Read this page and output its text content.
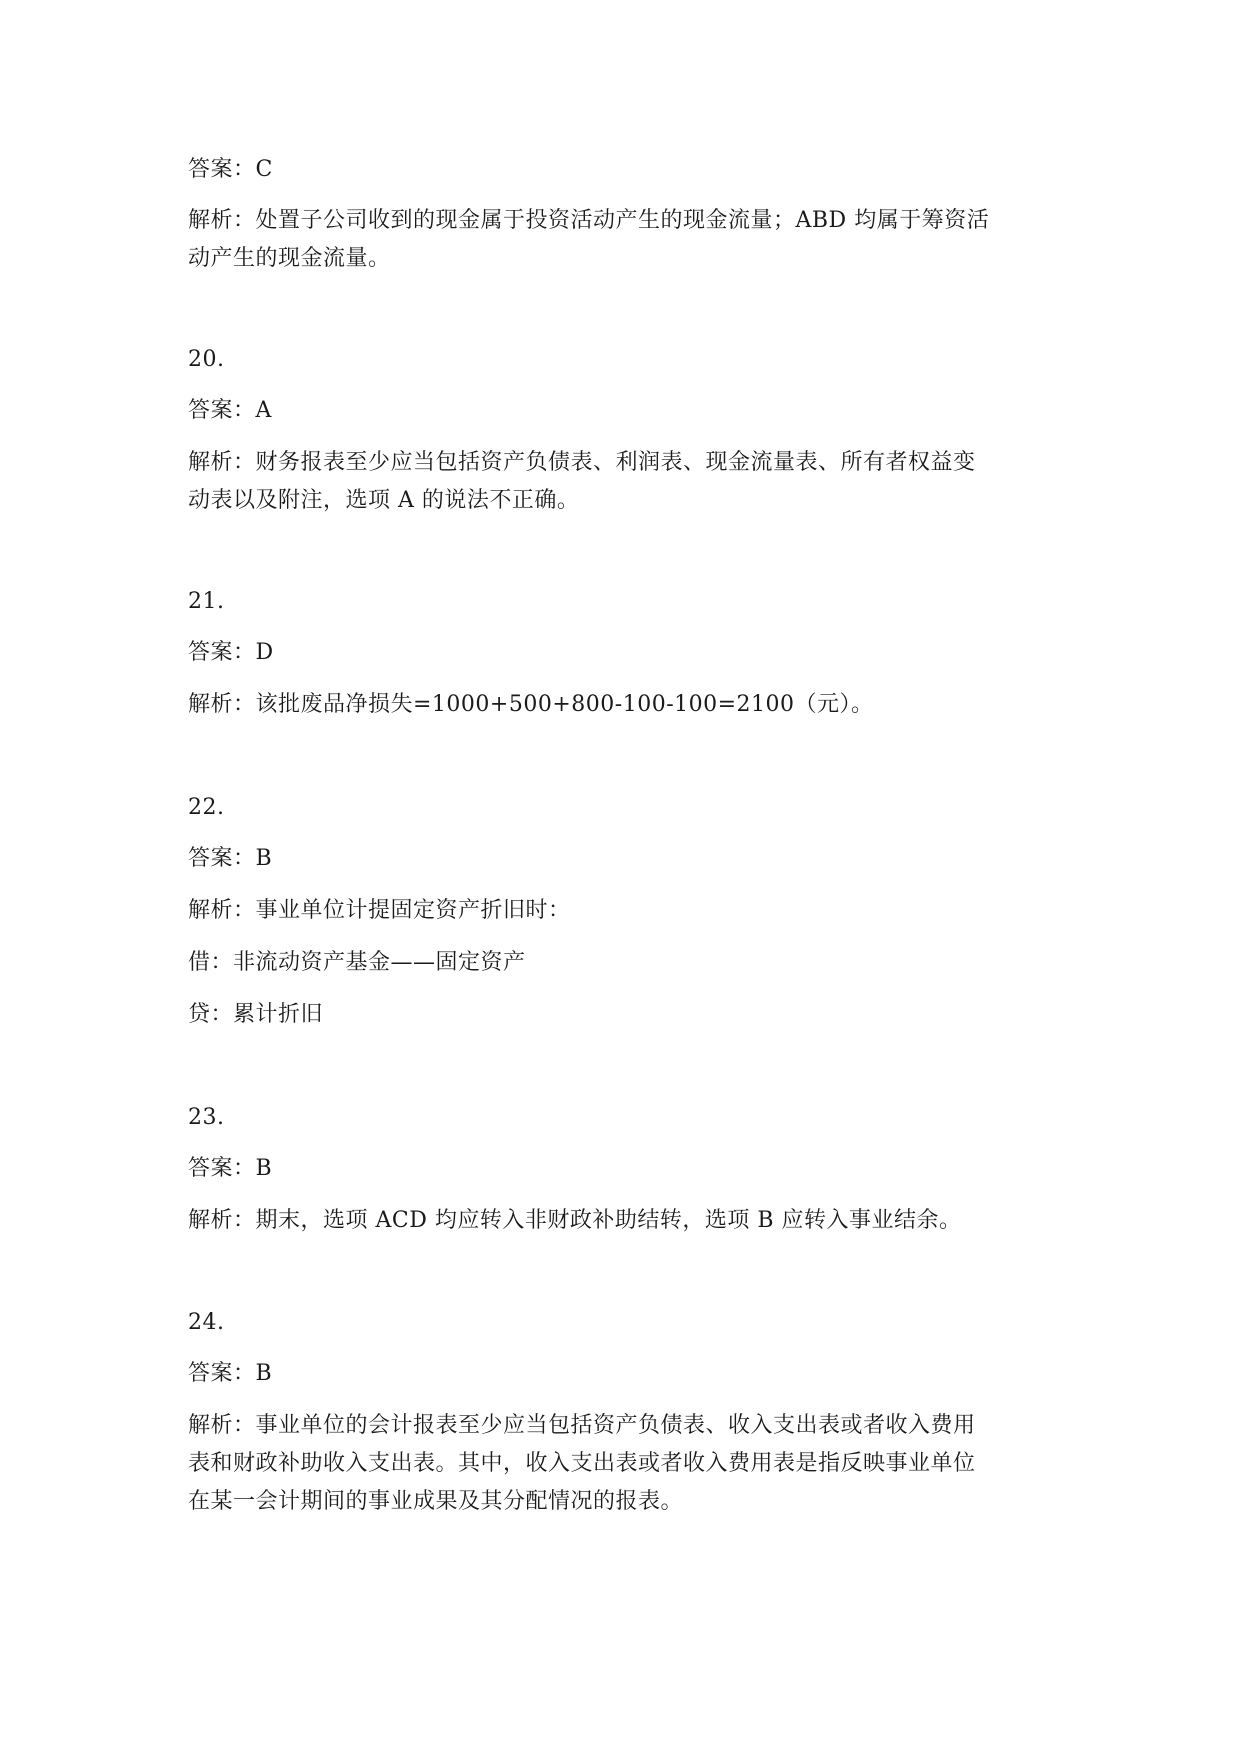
答案：C
解析：处置子公司收到的现金属于投资活动产生的现金流量；ABD 均属于筹资活
动产生的现金流量。
20.
答案：A
解析：财务报表至少应当包括资产负债表、利润表、现金流量表、所有者权益变
动表以及附注，选项 A 的说法不正确。
21.
答案：D
解析：该批废品净损失=1000+500+800-100-100=2100（元）。
22.
答案：B
解析：事业单位计提固定资产折旧时：
借：非流动资产基金——固定资产
贷：累计折旧
23.
答案：B
解析：期末，选项 ACD 均应转入非财政补助结转，选项 B 应转入事业结余。
24.
答案：B
解析：事业单位的会计报表至少应当包括资产负债表、收入支出表或者收入费用
表和财政补助收入支出表。其中，收入支出表或者收入费用表是指反映事业单位
在某一会计期间的事业成果及其分配情况的报表。
